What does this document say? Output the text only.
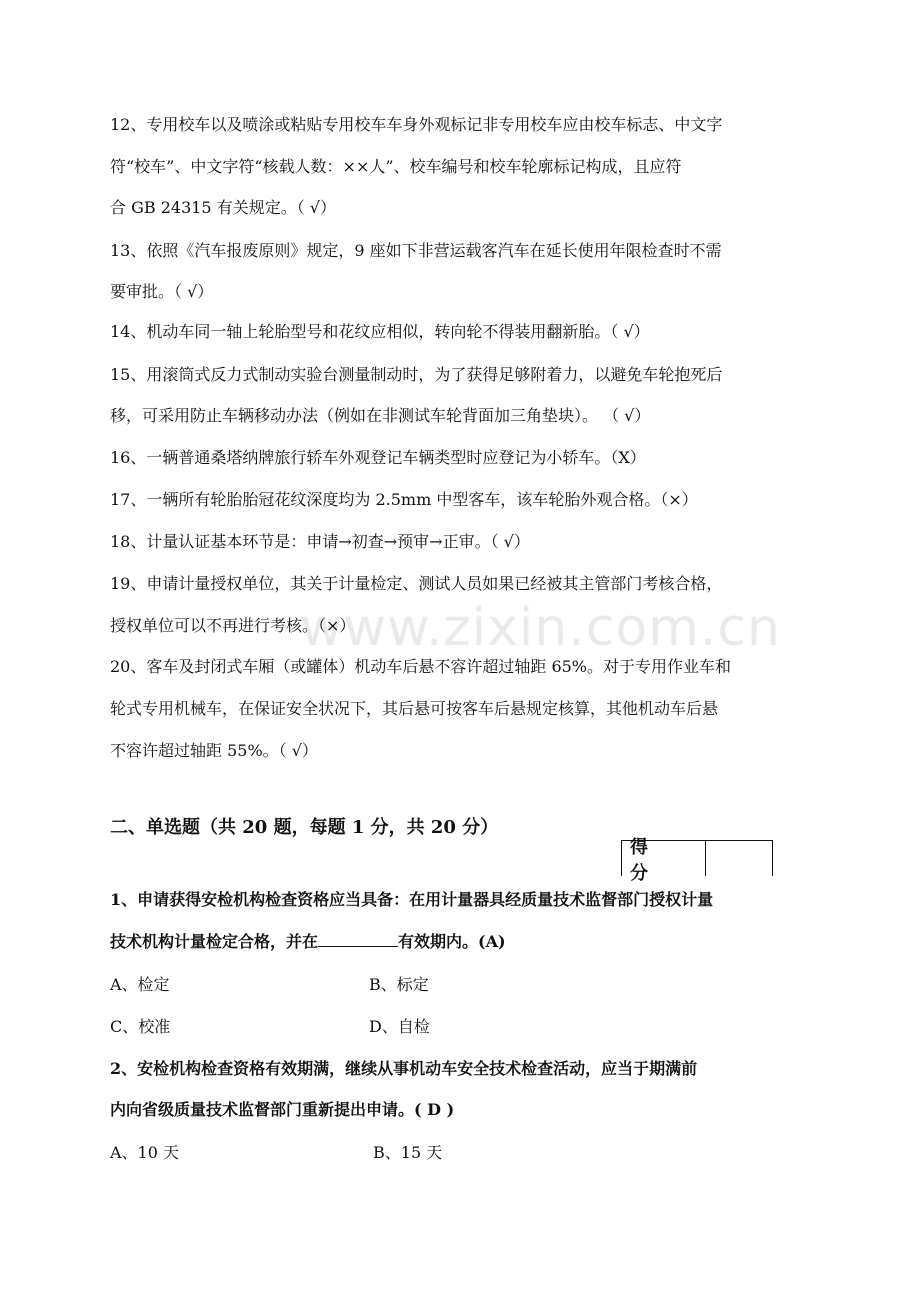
www.zixin.com.cn
12、专用校车以及喷涂或粘贴专用校车车身外观标记非专用校车应由校车标志、中文字
符“校车”、中文字符“核载人数：××人”、校车编号和校车轮廓标记构成，且应符
合 GB 24315 有关规定。（ √）
13、依照《汽车报废原则》规定，9 座如下非营运载客汽车在延长使用年限检查时不需
要审批。（ √）
14、机动车同一轴上轮胎型号和花纹应相似，转向轮不得装用翻新胎。（ √）
15、用滚筒式反力式制动实验台测量制动时，为了获得足够附着力，以避免车轮抱死后
移，可采用防止车辆移动办法（例如在非测试车轮背面加三角垫块）。 （ √）
16、一辆普通桑塔纳牌旅行轿车外观登记车辆类型时应登记为小轿车。（X）
17、一辆所有轮胎胎冠花纹深度均为 2.5mm 中型客车，该车轮胎外观合格。（×）
18、计量认证基本环节是：申请→初查→预审→正审。（ √）
19、申请计量授权单位，其关于计量检定、测试人员如果已经被其主管部门考核合格，
授权单位可以不再进行考核。（×）
20、客车及封闭式车厢（或罐体）机动车后悬不容许超过轴距 65%。对于专用作业车和
轮式专用机械车，在保证安全状况下，其后悬可按客车后悬规定核算，其他机动车后悬
不容许超过轴距 55%。（ √）
二、单选题（共 20 题，每题 1 分，共 20 分）
得 分
1、申请获得安检机构检查资格应当具备：在用计量器具经质量技术监督部门授权计量
技术机构计量检定合格，并在	有效期内。(A)
A、检定	B、标定
C、校准	D、自检
2、安检机构检查资格有效期满，继续从事机动车安全技术检查活动，应当于期满前
内向省级质量技术监督部门重新提出申请。( D )
A、10 天	B、15 天
